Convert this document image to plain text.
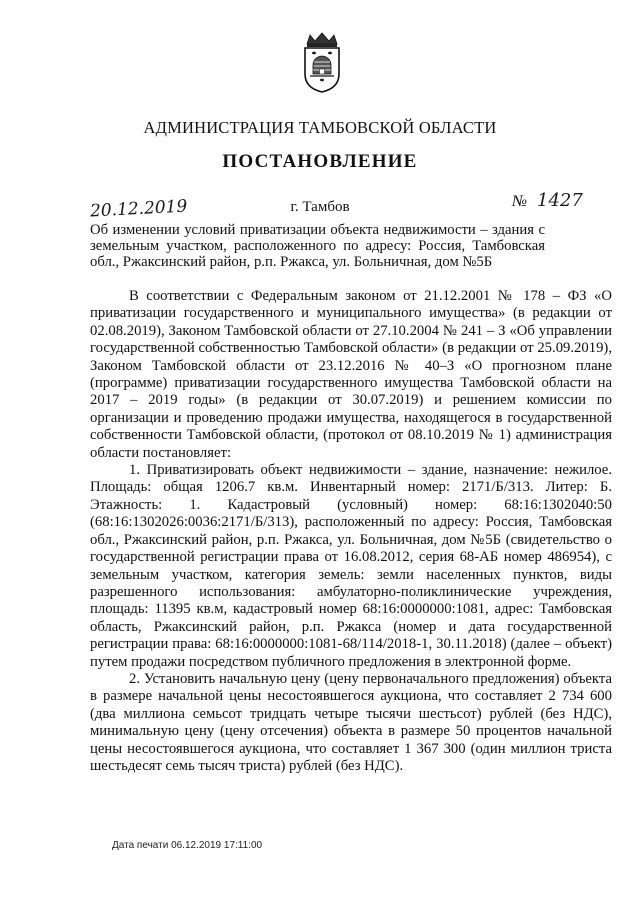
АДМИНИСТРАЦИЯ ТАМБОВСКОЙ ОБЛАСТИ
ПОСТАНОВЛЕНИЕ
20.12.2019	г. Тамбов	№ 1427
Об изменении условий приватизации объекта недвижимости – здания с земельным участком, расположенного по адресу: Россия, Тамбовская обл., Ржаксинский район, р.п. Ржакса, ул. Больничная, дом №5Б

В соответствии с Федеральным законом от 21.12.2001 № 178 – ФЗ «О приватизации государственного и муниципального имущества» (в редакции от 02.08.2019), Законом Тамбовской области от 27.10.2004 № 241 – З «Об управлении государственной собственностью Тамбовской области» (в редакции от 25.09.2019), Законом Тамбовской области от 23.12.2016 № 40–З «О прогнозном плане (программе) приватизации государственного имущества Тамбовской области на 2017 – 2019 годы» (в редакции от 30.07.2019) и решением комиссии по организации и проведению продажи имущества, находящегося в государственной собственности Тамбовской области, (протокол от 08.10.2019 № 1) администрация области постановляет:

1. Приватизировать объект недвижимости – здание, назначение: нежилое. Площадь: общая 1206.7 кв.м. Инвентарный номер: 2171/Б/313. Литер: Б. Этажность: 1. Кадастровый (условный) номер: 68:16:1302040:50 (68:16:1302026:0036:2171/Б/313), расположенный по адресу: Россия, Тамбовская обл., Ржаксинский район, р.п. Ржакса, ул. Больничная, дом №5Б (свидетельство о государственной регистрации права от 16.08.2012, серия 68-АБ номер 486954), с земельным участком, категория земель: земли населенных пунктов, виды разрешенного использования: амбулаторно-поликлинические учреждения, площадь: 11395 кв.м, кадастровый номер 68:16:0000000:1081, адрес: Тамбовская область, Ржаксинский район, р.п. Ржакса (номер и дата государственной регистрации права: 68:16:0000000:1081-68/114/2018-1, 30.11.2018) (далее – объект) путем продажи посредством публичного предложения в электронной форме.

2. Установить начальную цену (цену первоначального предложения) объекта в размере начальной цены несостоявшегося аукциона, что составляет 2 734 600 (два миллиона семьсот тридцать четыре тысячи шестьсот) рублей (без НДС), минимальную цену (цену отсечения) объекта в размере 50 процентов начальной цены несостоявшегося аукциона, что составляет 1 367 300 (один миллион триста шестьдесят семь тысяч триста) рублей (без НДС).

Дата печати 06.12.2019 17:11:00
